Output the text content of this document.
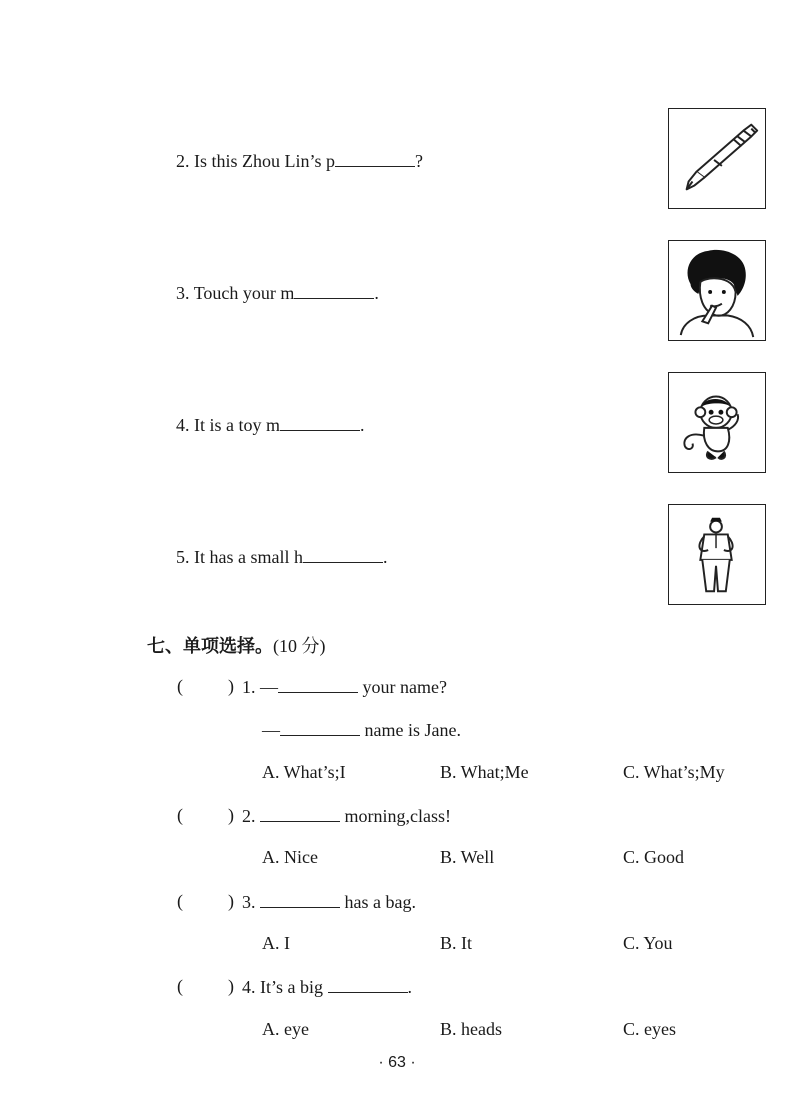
2. Is this Zhou Lin’s p	?
3. Touch your m	.
4. It is a toy m	.
5. It has a small h	.
七、单项选择。(10 分)
(	) 1. —	your name?
—	name is Jane.
A. What’s;I	B. What;Me	C. What’s;My
(	) 2.	morning,class!
A. Nice	B. Well	C. Good
(	) 3.	has a bag.
A. I	B. It	C. You
(	) 4. It’s a big	.
A. eye	B. heads	C. eyes
· 63 ·
